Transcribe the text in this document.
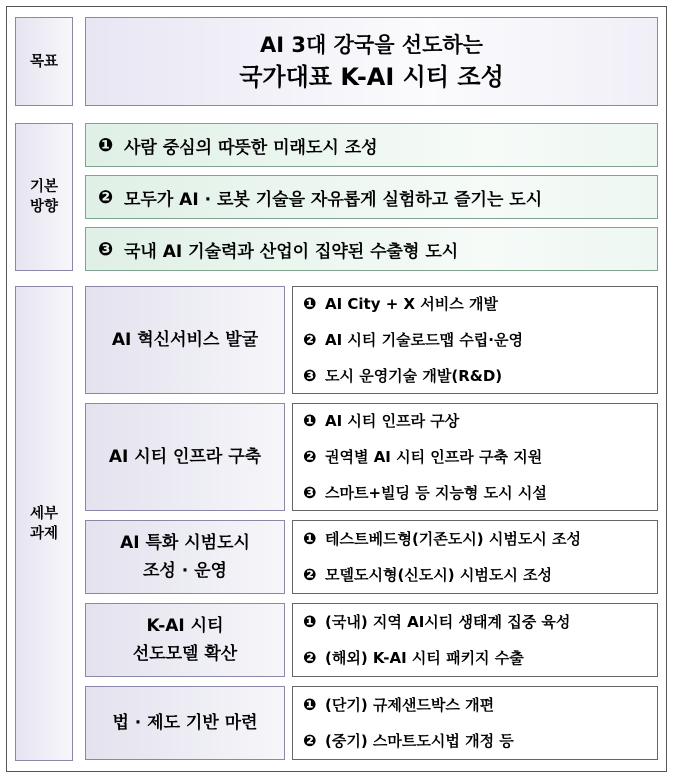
목표
AI 3대 강국을 선도하는
국가대표 K-AI 시티 조성
기본
방향
❶ 사람 중심의 따뜻한 미래도시 조성
❷ 모두가 AI · 로봇 기술을 자유롭게 실험하고 즐기는 도시
❸ 국내 AI 기술력과 산업이 집약된 수출형 도시
세부
과제
AI 혁신서비스 발굴
❶ AI City + X 서비스 개발
❷ AI 시티 기술로드맵 수립·운영
❸ 도시 운영기술 개발(R&D)
AI 시티 인프라 구축
❶ AI 시티 인프라 구상
❷ 권역별 AI 시티 인프라 구축 지원
❸ 스마트+빌딩 등 지능형 도시 시설
AI 특화 시범도시
조성 · 운영
❶ 테스트베드형(기존도시) 시범도시 조성
❷ 모델도시형(신도시) 시범도시 조성
K-AI 시티
선도모델 확산
❶ (국내) 지역 AI시티 생태계 집중 육성
❷ (해외) K-AI 시티 패키지 수출
법 · 제도 기반 마련
❶ (단기) 규제샌드박스 개편
❷ (중기) 스마트도시법 개정 등
